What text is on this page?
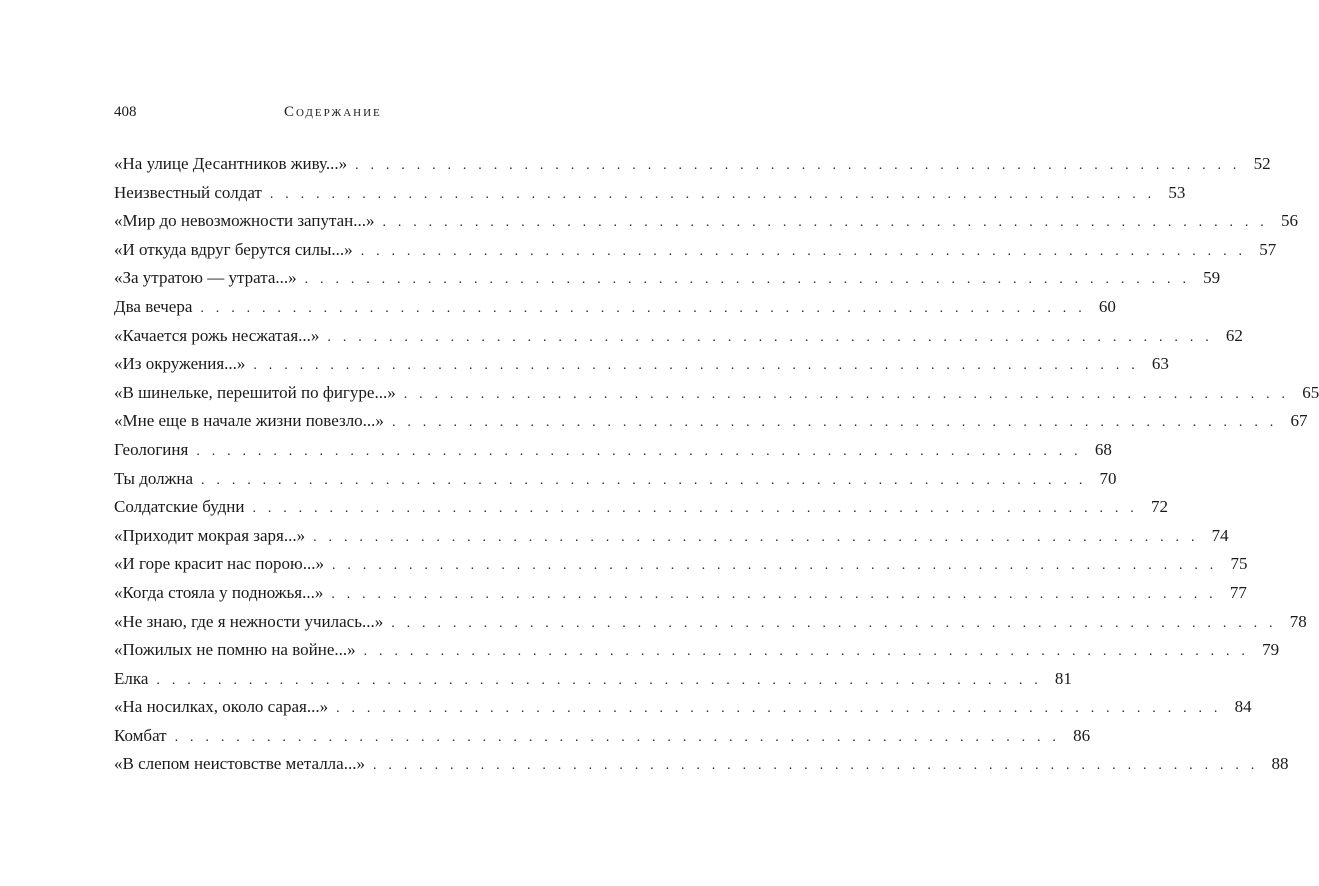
408	Содержание
«На улице Десантников живу...» . . . . . . . . . . . . . . . . . . . . . . . . . . . . . . . . . . . . . . . . . . . . . . . . . . . . . . . . . . 52
Неизвестный солдат . . . . . . . . . . . . . . . . . . . . . . . . . . . . . . . . . . . . . . . . . . . . . . . . . . . . . . . . . . 53
«Мир до невозможности запутан...» . . . . . . . . . . . . . . . . . . . . . . . . . . . . . . . . . . . . . . . . . . . . . . . . . . . . . . . . . . 56
«И откуда вдруг берутся силы...» . . . . . . . . . . . . . . . . . . . . . . . . . . . . . . . . . . . . . . . . . . . . . . . . . . . . . . . . . . 57
«За утратою — утрата...» . . . . . . . . . . . . . . . . . . . . . . . . . . . . . . . . . . . . . . . . . . . . . . . . . . . . . . . . . . 59
Два вечера . . . . . . . . . . . . . . . . . . . . . . . . . . . . . . . . . . . . . . . . . . . . . . . . . . . . . . . . . . 60
«Качается рожь несжатая...» . . . . . . . . . . . . . . . . . . . . . . . . . . . . . . . . . . . . . . . . . . . . . . . . . . . . . . . . . . 62
«Из окружения...» . . . . . . . . . . . . . . . . . . . . . . . . . . . . . . . . . . . . . . . . . . . . . . . . . . . . . . . . . . 63
«В шинельке, перешитой по фигуре...» . . . . . . . . . . . . . . . . . . . . . . . . . . . . . . . . . . . . . . . . . . . . . . . . . . . . . . . . . . 65
«Мне еще в начале жизни повезло...» . . . . . . . . . . . . . . . . . . . . . . . . . . . . . . . . . . . . . . . . . . . . . . . . . . . . . . . . . . 67
Геологиня . . . . . . . . . . . . . . . . . . . . . . . . . . . . . . . . . . . . . . . . . . . . . . . . . . . . . . . . . . 68
Ты должна . . . . . . . . . . . . . . . . . . . . . . . . . . . . . . . . . . . . . . . . . . . . . . . . . . . . . . . . . . 70
Солдатские будни . . . . . . . . . . . . . . . . . . . . . . . . . . . . . . . . . . . . . . . . . . . . . . . . . . . . . . . . . . 72
«Приходит мокрая заря...» . . . . . . . . . . . . . . . . . . . . . . . . . . . . . . . . . . . . . . . . . . . . . . . . . . . . . . . . . . 74
«И горе красит нас порою...» . . . . . . . . . . . . . . . . . . . . . . . . . . . . . . . . . . . . . . . . . . . . . . . . . . . . . . . . . . 75
«Когда стояла у подножья...» . . . . . . . . . . . . . . . . . . . . . . . . . . . . . . . . . . . . . . . . . . . . . . . . . . . . . . . . . . 77
«Не знаю, где я нежности училась...» . . . . . . . . . . . . . . . . . . . . . . . . . . . . . . . . . . . . . . . . . . . . . . . . . . . . . . . . . . 78
«Пожилых не помню на войне...» . . . . . . . . . . . . . . . . . . . . . . . . . . . . . . . . . . . . . . . . . . . . . . . . . . . . . . . . . . 79
Елка . . . . . . . . . . . . . . . . . . . . . . . . . . . . . . . . . . . . . . . . . . . . . . . . . . . . . . . . . . 81
«На носилках, около сарая...» . . . . . . . . . . . . . . . . . . . . . . . . . . . . . . . . . . . . . . . . . . . . . . . . . . . . . . . . . . 84
Комбат . . . . . . . . . . . . . . . . . . . . . . . . . . . . . . . . . . . . . . . . . . . . . . . . . . . . . . . . . . 86
«В слепом неистовстве металла...» . . . . . . . . . . . . . . . . . . . . . . . . . . . . . . . . . . . . . . . . . . . . . . . . . . . . . . . . . . 88
